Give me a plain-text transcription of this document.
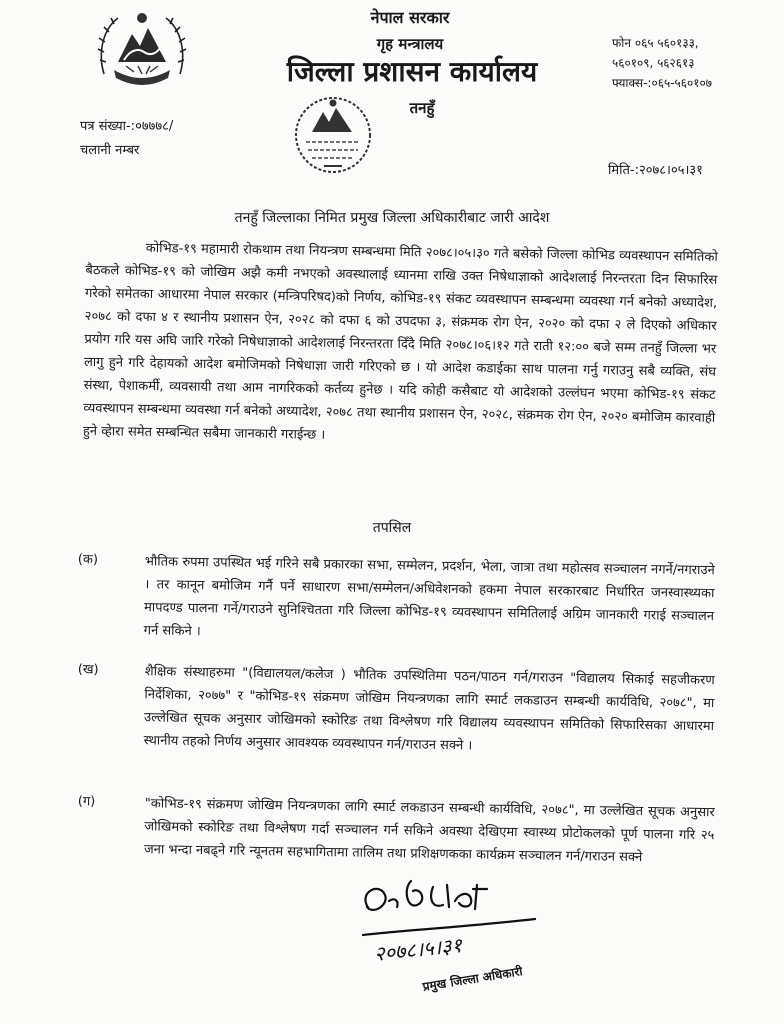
नेपाल सरकार
गृह मन्त्रालय
जिल्ला प्रशासन कार्यालय
तनहुँ
फोन ०६५ ५६०१३३,
५६०१०९, ५६२६१३
फ्याक्स-:०६५-५६०१०७
पत्र संख्या-:०७७७८/
चलानी नम्बर
मिति-:२०७८।०५।३१
तनहुँ जिल्लाका निमित प्रमुख जिल्ला अधिकारीबाट जारी आदेश
कोभिड-१९ महामारी रोकथाम तथा नियन्त्रण सम्बन्धमा मिति २०७८।०५।३० गते बसेको जिल्ला कोभिड व्यवस्थापन समितिको बैठकले कोभिड-१९ को जोखिम अझै कमी नभएको अवस्थालाई ध्यानमा राखि उक्त निषेधाज्ञाको आदेशलाई निरन्तरता दिन सिफारिस गरेको समेतका आधारमा नेपाल सरकार (मन्त्रिपरिषद)को निर्णय, कोभिड-१९ संकट व्यवस्थापन सम्बन्धमा व्यवस्था गर्न बनेको अध्यादेश, २०७८ को दफा ४ र स्थानीय प्रशासन ऐन, २०२८ को दफा ६ को उपदफा ३, संक्रमक रोग ऐन, २०२० को दफा २ ले दिएको अधिकार प्रयोग गरि यस अघि जारि गरेको निषेधाज्ञाको आदेशलाई निरन्तरता दिँदै मिति २०७८।०६।१२ गते राती १२:०० बजे सम्म तनहुँ जिल्ला भर लागु हुने गरि देहायको आदेश बमोजिमको निषेधाज्ञा जारी गरिएको छ । यो आदेश कडाईका साथ पालना गर्नु गराउनु सबै व्यक्ति, संघ संस्था, पेशाकर्मी, व्यवसायी तथा आम नागरिकको कर्तव्य हुनेछ । यदि कोही कसैबाट यो आदेशको उल्लंघन भएमा कोभिड-१९ संकट व्यवस्थापन सम्बन्धमा व्यवस्था गर्न बनेको अध्यादेश, २०७८ तथा स्थानीय प्रशासन ऐन, २०२८, संक्रमक रोग ऐन, २०२० बमोजिम कारवाही हुने व्हेारा समेत सम्बन्धित सबैमा जानकारी गराईन्छ ।
तपसिल
(क)	भौतिक रुपमा उपस्थित भई गरिने सबै प्रकारका सभा, सम्मेलन, प्रदर्शन, भेला, जात्रा तथा महोत्सव सञ्चालन नगर्ने/नगराउने । तर कानून बमोजिम गर्नै पर्ने साधारण सभा/सम्मेलन/अधिवेशनको हकमा नेपाल सरकारबाट निर्धारित जनस्वास्थ्यका मापदण्ड पालना गर्ने/गराउने सुनिश्चितता गरि जिल्ला कोभिड-१९ व्यवस्थापन समितिलाई अग्रिम जानकारी गराई सञ्चालन गर्न सकिने ।
(ख)	शैक्षिक संस्थाहरुमा "(विद्यालयल/कलेज ) भौतिक उपस्थितिमा पठन/पाठन गर्न/गराउन "विद्यालय सिकाई सहजीकरण निर्देशिका, २०७७" र "कोभिड-१९ संक्रमण जोखिम नियन्त्रणका लागि स्मार्ट लकडाउन सम्बन्धी कार्यविधि, २०७८", मा उल्लेखित सूचक अनुसार जोखिमको स्कोरिङ तथा विश्लेषण गरि विद्यालय व्यवस्थापन समितिको सिफारिसका आधारमा स्थानीय तहको निर्णय अनुसार आवश्यक व्यवस्थापन गर्न/गराउन सक्ने ।
(ग)	"कोभिड-१९ संक्रमण जोखिम नियन्त्रणका लागि स्मार्ट लकडाउन सम्बन्धी कार्यविधि, २०७८", मा उल्लेखित सूचक अनुसार जोखिमको स्कोरिङ तथा विश्लेषण गर्दा सञ्चालन गर्न सकिने अवस्था देखिएमा स्वास्थ्य प्रोटोकलको पूर्ण पालना गरि २५ जना भन्दा नबढ्ने गरि न्यूनतम सहभागितामा तालिम तथा प्रशिक्षणकका कार्यक्रम सञ्चालन गर्न/गराउन सक्ने
२०७८।५।३१
प्रमुख जिल्ला अधिकारी
